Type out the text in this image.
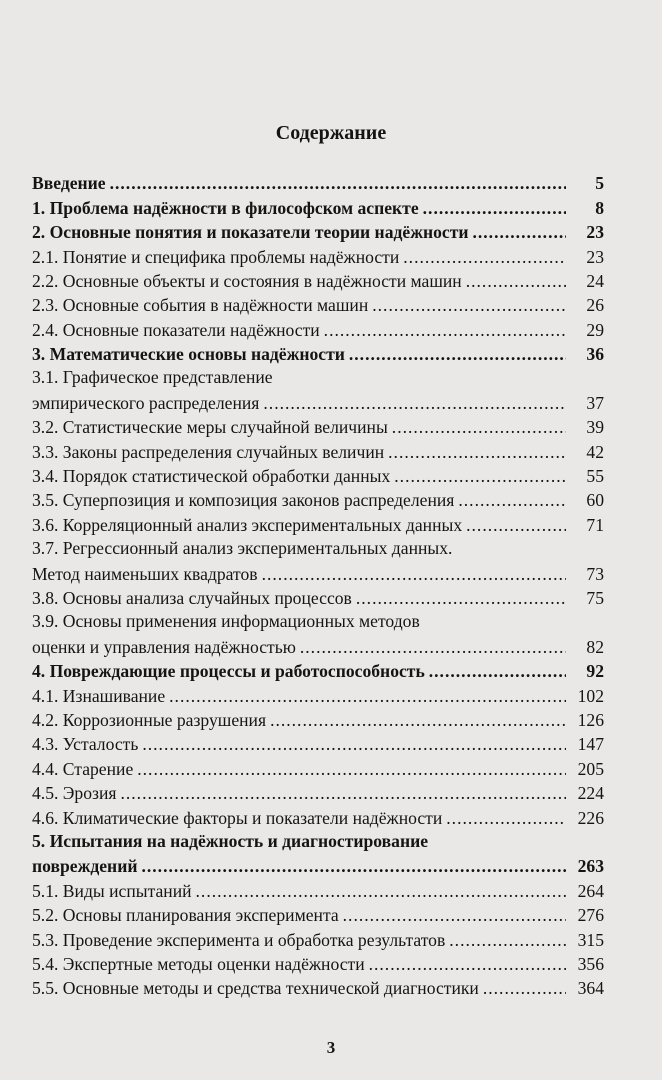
Содержание
Введение .....	5
1. Проблема надёжности в философском аспекте .....	8
2. Основные понятия и показатели теории надёжности .....	23
2.1. Понятие и специфика проблемы надёжности .....	23
2.2. Основные объекты и состояния в надёжности машин .....	24
2.3. Основные события в надёжности машин .....	26
2.4. Основные показатели надёжности .....	29
3. Математические основы надёжности .....	36
3.1. Графическое представление
эмпирического распределения .....	37
3.2. Статистические меры случайной величины .....	39
3.3. Законы распределения случайных величин .....	42
3.4. Порядок статистической обработки данных .....	55
3.5. Суперпозиция и композиция законов распределения .....	60
3.6. Корреляционный анализ экспериментальных данных .....	71
3.7. Регрессионный анализ экспериментальных данных.
Метод наименьших квадратов .....	73
3.8. Основы анализа случайных процессов .....	75
3.9. Основы применения информационных методов
оценки и управления надёжностью .....	82
4. Повреждающие процессы и работоспособность .....	92
4.1. Изнашивание .....	102
4.2. Коррозионные разрушения .....	126
4.3. Усталость .....	147
4.4. Старение .....	205
4.5. Эрозия .....	224
4.6. Климатические факторы и показатели надёжности .....	226
5. Испытания на надёжность и диагностирование
повреждений .....	263
5.1. Виды испытаний .....	264
5.2. Основы планирования эксперимента .....	276
5.3. Проведение эксперимента и обработка результатов .....	315
5.4. Экспертные методы оценки надёжности .....	356
5.5. Основные методы и средства технической диагностики .....	364
3
